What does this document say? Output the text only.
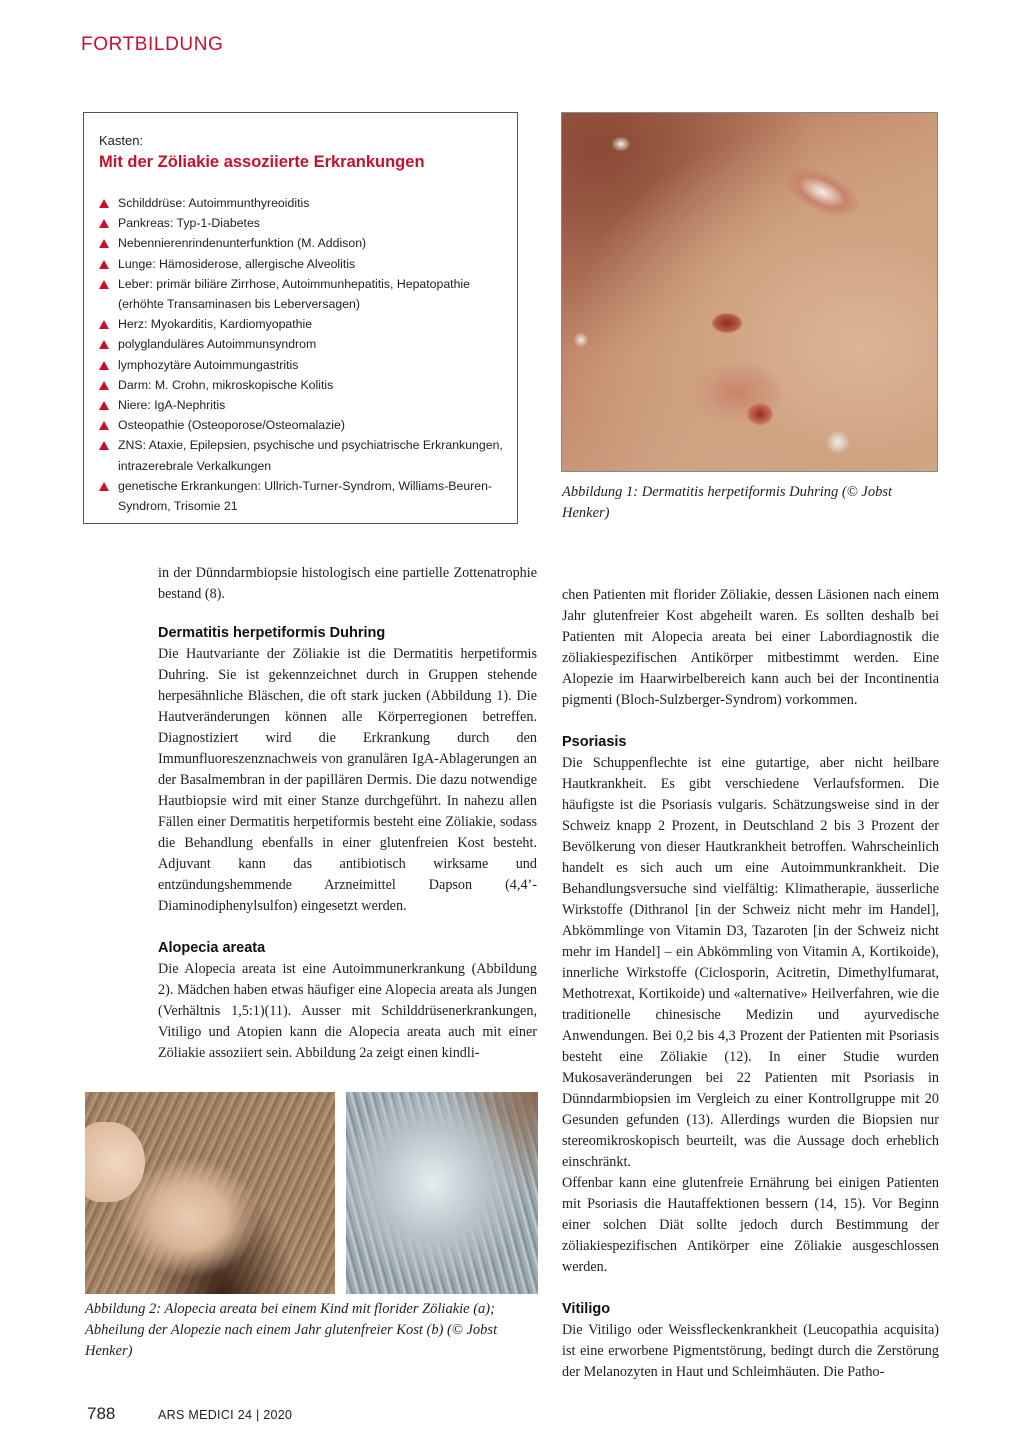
FORTBILDUNG
Kasten:
Mit der Zöliakie assoziierte Erkrankungen
Schilddrüse: Autoimmunthyreoiditis
Pankreas: Typ-1-Diabetes
Nebennierenrindenunterfunktion (M. Addison)
Lunge: Hämosiderose, allergische Alveolitis
Leber: primär biliäre Zirrhose, Autoimmunhepatitis, Hepatopathie (erhöhte Transaminasen bis Leberversagen)
Herz: Myokarditis, Kardiomyopathie
polyglanduläres Autoimmunsyndrom
lymphozytäre Autoimmungastritis
Darm: M. Crohn, mikroskopische Kolitis
Niere: IgA-Nephritis
Osteopathie (Osteoporose/Osteomalazie)
ZNS: Ataxie, Epilepsien, psychische und psychiatrische Erkrankungen, intrazerebrale Verkalkungen
genetische Erkrankungen: Ullrich-Turner-Syndrom, Williams-Beuren-Syndrom, Trisomie 21
Abbildung 1: Dermatitis herpetiformis Duhring (© Jobst Henker)

in der Dünndarmbiopsie histologisch eine partielle Zottenatrophie bestand (8).

Dermatitis herpetiformis Duhring

Die Hautvariante der Zöliakie ist die Dermatitis herpetiformis Duhring. Sie ist gekennzeichnet durch in Gruppen stehende herpesähnliche Bläschen, die oft stark jucken (Abbildung 1). Die Hautveränderungen können alle Körperregionen betreffen. Diagnostiziert wird die Erkrankung durch den Immunfluoreszenznachweis von granulären IgA-Ablagerungen an der Basalmembran in der papillären Dermis. Die dazu notwendige Hautbiopsie wird mit einer Stanze durchgeführt. In nahezu allen Fällen einer Dermatitis herpetiformis besteht eine Zöliakie, sodass die Behandlung ebenfalls in einer glutenfreien Kost besteht. Adjuvant kann das antibiotisch wirksame und entzündungshemmende Arzneimittel Dapson (4,4’-Diaminodiphenylsulfon) eingesetzt werden.

Alopecia areata

Die Alopecia areata ist eine Autoimmunerkrankung (Abbildung 2). Mädchen haben etwas häufiger eine Alopecia areata als Jungen (Verhältnis 1,5:1)(11). Ausser mit Schilddrüsenerkrankungen, Vitiligo und Atopien kann die Alopecia areata auch mit einer Zöliakie assoziiert sein. Abbildung 2a zeigt einen kindli-

Abbildung 2: Alopecia areata bei einem Kind mit florider Zöliakie (a); Abheilung der Alopezie nach einem Jahr glutenfreier Kost (b) (© Jobst Henker)

chen Patienten mit florider Zöliakie, dessen Läsionen nach einem Jahr glutenfreier Kost abgeheilt waren. Es sollten deshalb bei Patienten mit Alopecia areata bei einer Labordiagnostik die zöliakiespezifischen Antikörper mitbestimmt werden. Eine Alopezie im Haarwirbelbereich kann auch bei der Incontinentia pigmenti (Bloch-Sulzberger-Syndrom) vorkommen.

Psoriasis

Die Schuppenflechte ist eine gutartige, aber nicht heilbare Hautkrankheit. Es gibt verschiedene Verlaufsformen. Die häufigste ist die Psoriasis vulgaris. Schätzungsweise sind in der Schweiz knapp 2 Prozent, in Deutschland 2 bis 3 Prozent der Bevölkerung von dieser Hautkrankheit betroffen. Wahrscheinlich handelt es sich auch um eine Autoimmunkrankheit. Die Behandlungsversuche sind vielfältig: Klimatherapie, äusserliche Wirkstoffe (Dithranol [in der Schweiz nicht mehr im Handel], Abkömmlinge von Vitamin D3, Tazaroten [in der Schweiz nicht mehr im Handel] – ein Abkömmling von Vitamin A, Kortikoide), innerliche Wirkstoffe (Ciclosporin, Acitretin, Dimethylfumarat, Methotrexat, Kortikoide) und «alternative» Heilverfahren, wie die traditionelle chinesische Medizin und ayurvedische Anwendungen. Bei 0,2 bis 4,3 Prozent der Patienten mit Psoriasis besteht eine Zöliakie (12). In einer Studie wurden Mukosaveränderungen bei 22 Patienten mit Psoriasis in Dünndarmbiopsien im Vergleich zu einer Kontrollgruppe mit 20 Gesunden gefunden (13). Allerdings wurden die Biopsien nur stereomikroskopisch beurteilt, was die Aussage doch erheblich einschränkt.

Offenbar kann eine glutenfreie Ernährung bei einigen Patienten mit Psoriasis die Hautaffektionen bessern (14, 15). Vor Beginn einer solchen Diät sollte jedoch durch Bestimmung der zöliakiespezifischen Antikörper eine Zöliakie ausgeschlossen werden.

Vitiligo

Die Vitiligo oder Weissfleckenkrankheit (Leucopathia acquisita) ist eine erworbene Pigmentstörung, bedingt durch die Zerstörung der Melanozyten in Haut und Schleimhäuten. Die Patho-

788	ARS MEDICI 24 | 2020
